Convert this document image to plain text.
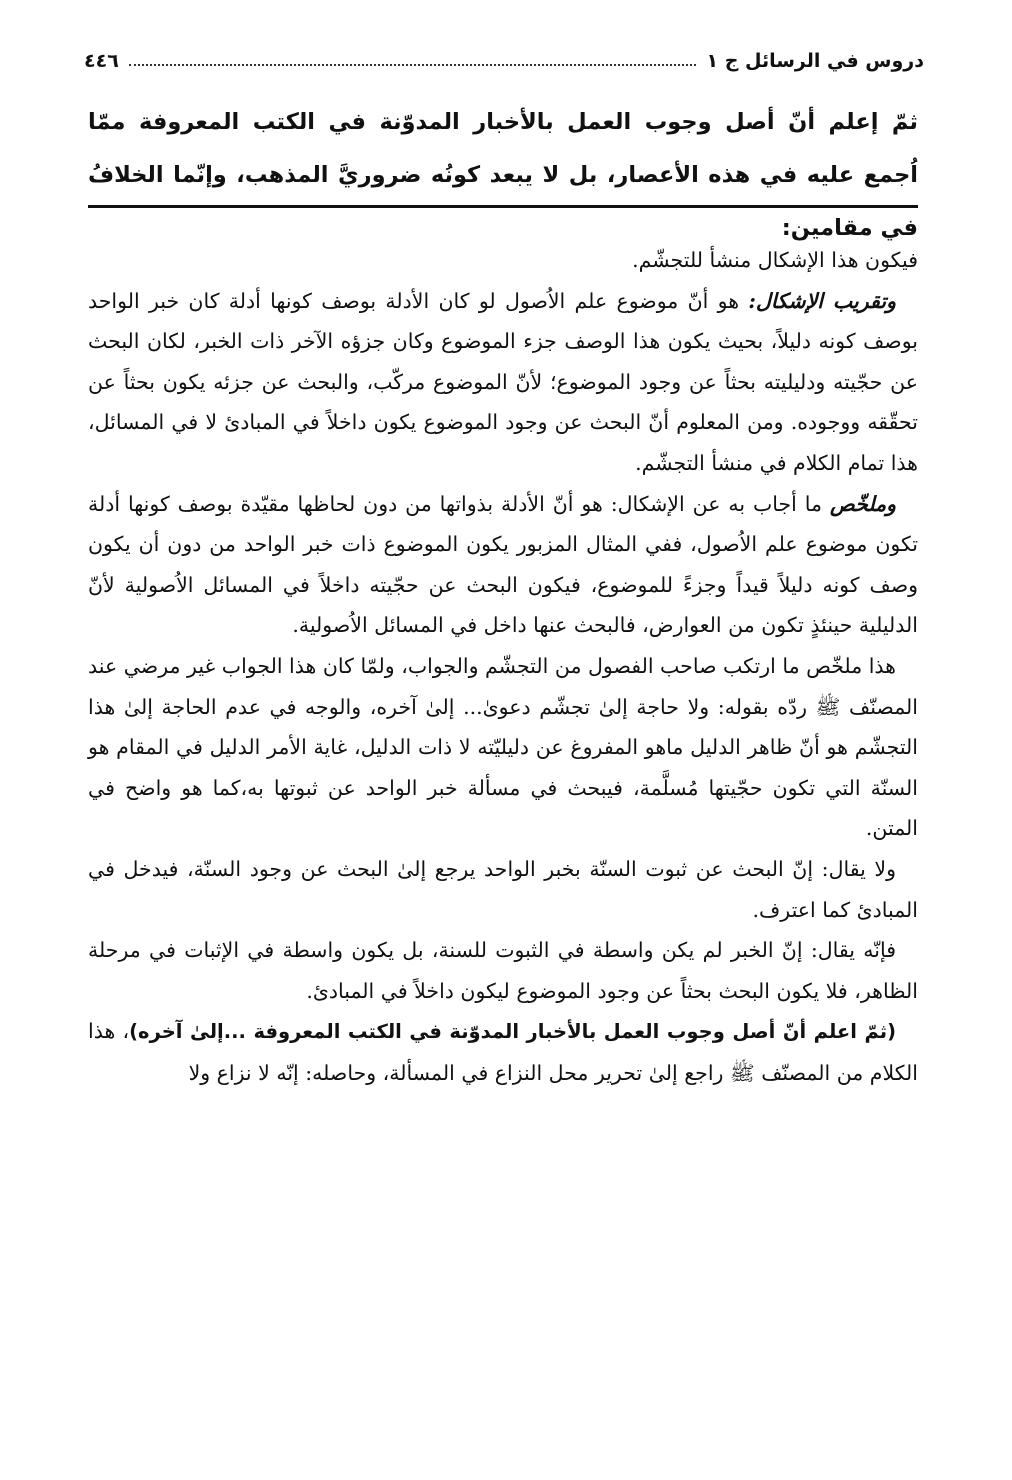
دروس في الرسائل ج ١
٤٤٦
ثمّ إعلم أنّ أصل وجوب العمل بالأخبار المدوّنة في الكتب المعروفة ممّا اُجمع عليه في هذه الأعصار، بل لا يبعد كونُه ضروريَّ المذهب، وإنّما الخلافُ في مقامين:

فيكون هذا الإشكال منشأ للتجشّم.

وتقريب الإشكال: هو أنّ موضوع علم الاُصول لو كان الأدلة بوصف كونها أدلة كان خبر الواحد بوصف كونه دليلاً، بحيث يكون هذا الوصف جزء الموضوع وكان جزؤه الآخر ذات الخبر، لكان البحث عن حجّيته ودليليته بحثاً عن وجود الموضوع؛ لأنّ الموضوع مركّب، والبحث عن جزئه يكون بحثاً عن تحقّقه ووجوده. ومن المعلوم أنّ البحث عن وجود الموضوع يكون داخلاً في المبادئ لا في المسائل، هذا تمام الكلام في منشأ التجشّم.

وملخّص ما أجاب به عن الإشكال: هو أنّ الأدلة بذواتها من دون لحاظها مقيّدة بوصف كونها أدلة تكون موضوع علم الاُصول، ففي المثال المزبور يكون الموضوع ذات خبر الواحد من دون أن يكون وصف كونه دليلاً قيداً وجزءً للموضوع، فيكون البحث عن حجّيته داخلاً في المسائل الاُصولية لأنّ الدليلية حينئذٍ تكون من العوارض، فالبحث عنها داخل في المسائل الاُصولية.

هذا ملخّص ما ارتكب صاحب الفصول من التجشّم والجواب، ولمّا كان هذا الجواب غير مرضي عند المصنّف ﷺ ردّه بقوله: ولا حاجة إلىٰ تجشّم دعوىٰ... إلىٰ آخره، والوجه في عدم الحاجة إلىٰ هذا التجشّم هو أنّ ظاهر الدليل ماهو المفروغ عن دليليّته لا ذات الدليل، غاية الأمر الدليل في المقام هو السنّة التي تكون حجّيتها مُسلَّمة، فيبحث في مسألة خبر الواحد عن ثبوتها به،كما هو واضح في المتن.

ولا يقال: إنّ البحث عن ثبوت السنّة بخبر الواحد يرجع إلىٰ البحث عن وجود السنّة، فيدخل في المبادئ كما اعترف.

فإنّه يقال: إنّ الخبر لم يكن واسطة في الثبوت للسنة، بل يكون واسطة في الإثبات في مرحلة الظاهر، فلا يكون البحث بحثاً عن وجود الموضوع ليكون داخلاً في المبادئ.

(ثمّ اعلم أنّ أصل وجوب العمل بالأخبار المدوّنة في الكتب المعروفة ...إلىٰ آخره)، هذا الكلام من المصنّف ﷺ راجع إلىٰ تحرير محل النزاع في المسألة، وحاصله: إنّه لا نزاع ولا
